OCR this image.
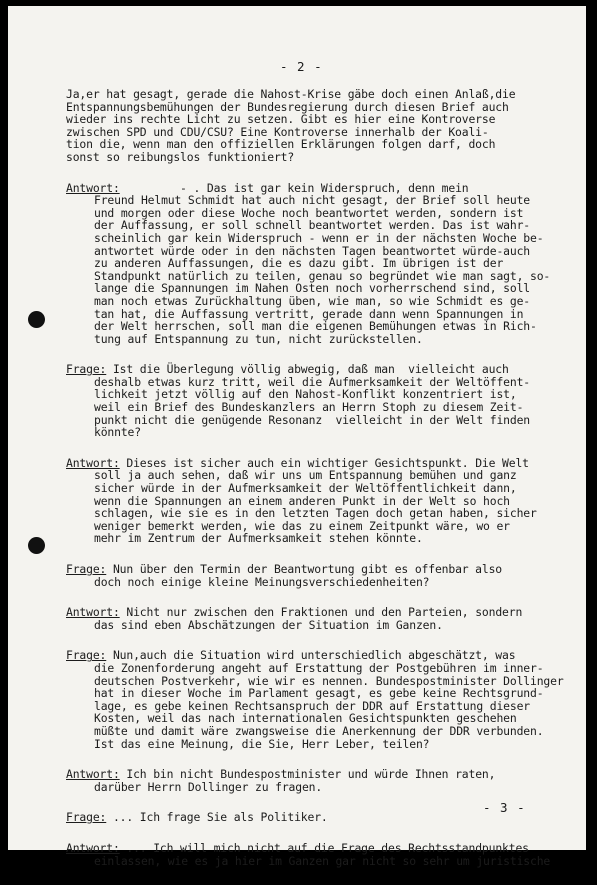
- 2 -
Ja,er hat gesagt, gerade die Nahost-Krise gäbe doch einen Anlaß,die
Entspannungsbemühungen der Bundesregierung durch diesen Brief auch
wieder ins rechte Licht zu setzen. Gibt es hier eine Kontroverse
zwischen SPD und CDU/CSU? Eine Kontroverse innerhalb der Koali-
tion die, wenn man den offiziellen Erklärungen folgen darf, doch
sonst so reibungslos funktioniert?
Antwort:         - . Das ist gar kein Widerspruch, denn mein
Freund Helmut Schmidt hat auch nicht gesagt, der Brief soll heute
und morgen oder diese Woche noch beantwortet werden, sondern ist
der Auffassung, er soll schnell beantwortet werden. Das ist wahr-
scheinlich gar kein Widerspruch - wenn er in der nächsten Woche be-
antwortet würde oder in den nächsten Tagen beantwortet würde-auch
zu anderen Auffassungen, die es dazu gibt. Im übrigen ist der
Standpunkt natürlich zu teilen, genau so begründet wie man sagt, so-
lange die Spannungen im Nahen Osten noch vorherrschend sind, soll
man noch etwas Zurückhaltung üben, wie man, so wie Schmidt es ge-
tan hat, die Auffassung vertritt, gerade dann wenn Spannungen in
der Welt herrschen, soll man die eigenen Bemühungen etwas in Rich-
tung auf Entspannung zu tun, nicht zurückstellen.
Frage: Ist die Überlegung völlig abwegig, daß man  vielleicht auch
deshalb etwas kurz tritt, weil die Aufmerksamkeit der Weltöffent-
lichkeit jetzt völlig auf den Nahost-Konflikt konzentriert ist,
weil ein Brief des Bundeskanzlers an Herrn Stoph zu diesem Zeit-
punkt nicht die genügende Resonanz  vielleicht in der Welt finden
könnte?
Antwort: Dieses ist sicher auch ein wichtiger Gesichtspunkt. Die Welt
soll ja auch sehen, daß wir uns um Entspannung bemühen und ganz
sicher würde in der Aufmerksamkeit der Weltöffentlichkeit dann,
wenn die Spannungen an einem anderen Punkt in der Welt so hoch
schlagen, wie sie es in den letzten Tagen doch getan haben, sicher
weniger bemerkt werden, wie das zu einem Zeitpunkt wäre, wo er
mehr im Zentrum der Aufmerksamkeit stehen könnte.
Frage: Nun über den Termin der Beantwortung gibt es offenbar also
doch noch einige kleine Meinungsverschiedenheiten?
Antwort: Nicht nur zwischen den Fraktionen und den Parteien, sondern
das sind eben Abschätzungen der Situation im Ganzen.
Frage: Nun,auch die Situation wird unterschiedlich abgeschätzt, was
die Zonenforderung angeht auf Erstattung der Postgebühren im inner-
deutschen Postverkehr, wie wir es nennen. Bundespostminister Dollinger
hat in dieser Woche im Parlament gesagt, es gebe keine Rechtsgrund-
lage, es gebe keinen Rechtsanspruch der DDR auf Erstattung dieser
Kosten, weil das nach internationalen Gesichtspunkten geschehen
müßte und damit wäre zwangsweise die Anerkennung der DDR verbunden.
Ist das eine Meinung, die Sie, Herr Leber, teilen?
Antwort: Ich bin nicht Bundespostminister und würde Ihnen raten,
darüber Herrn Dollinger zu fragen.
Frage: ... Ich frage Sie als Politiker.
Antwort: ... Ich will mich nicht auf die Frage des Rechtsstandpunktes
einlassen, wie es ja hier im Ganzen gar nicht so sehr um juristische
- 3 -
